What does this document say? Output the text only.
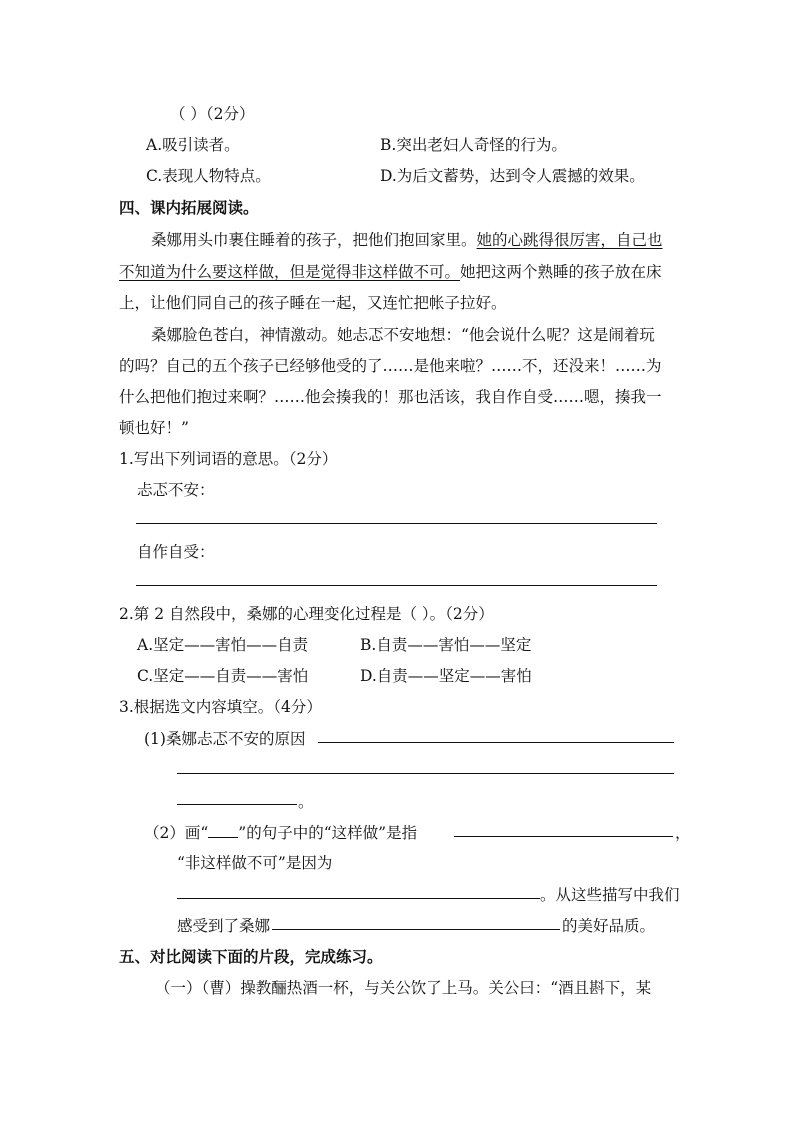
（ ）（2分）
A.吸引读者。	B.突出老妇人奇怪的行为。
C.表现人物特点。	D.为后文蓄势，达到令人震撼的效果。
四、课内拓展阅读。
桑娜用头巾裹住睡着的孩子，把他们抱回家里。她的心跳得很厉害，自己也
不知道为什么要这样做，但是觉得非这样做不可。她把这两个熟睡的孩子放在床
上，让他们同自己的孩子睡在一起，又连忙把帐子拉好。
桑娜脸色苍白，神情激动。她忐忑不安地想：“他会说什么呢？这是闹着玩
的吗？自己的五个孩子已经够他受的了……是他来啦？……不，还没来！……为
什么把他们抱过来啊？……他会揍我的！那也活该，我自作自受……嗯，揍我一
顿也好！”
1.写出下列词语的意思。（2分）
忐忑不安：
自作自受：
2.第 2 自然段中，桑娜的心理变化过程是（ ）。（2分）
A.坚定——害怕——自责	B.自责——害怕——坚定
C.坚定——自责——害怕	D.自责——坚定——害怕
3.根据选文内容填空。（4分）
(1)桑娜忐忑不安的原因
。
（2）画“ ”的句子中的“这样做”是指	，
“非这样做不可”是因为
。从这些描写中我们
感受到了桑娜	的美好品质。
五、对比阅读下面的片段，完成练习。
（一）（曹）操教酾热酒一杯，与关公饮了上马。关公曰：“酒且斟下，某
